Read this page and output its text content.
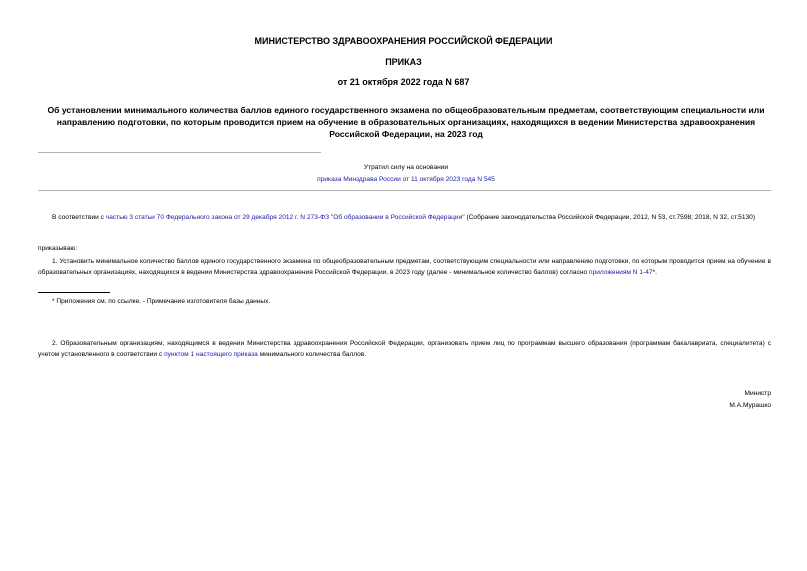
МИНИСТЕРСТВО ЗДРАВООХРАНЕНИЯ РОССИЙСКОЙ ФЕДЕРАЦИИ
ПРИКАЗ
от 21 октября 2022 года N 687
Об установлении минимального количества баллов единого государственного экзамена по общеобразовательным предметам, соответствующим специальности или направлению подготовки, по которым проводится прием на обучение в образовательных организациях, находящихся в ведении Министерства здравоохранения Российской Федерации, на 2023 год
Утратил силу на основании
приказа Минздрава России от 11 октября 2023 года N 545
В соответствии с частью 3 статьи 70 Федерального закона от 29 декабря 2012 г. N 273-ФЗ "Об образовании в Российской Федерации" (Собрание законодательства Российской Федерации, 2012, N 53, ст.7598; 2018, N 32, ст.5130)
приказываю:
1. Установить минимальное количество баллов единого государственного экзамена по общеобразовательным предметам, соответствующим специальности или направлению подготовки, по которым проводится прием на обучение в образовательных организациях, находящихся в ведении Министерства здравоохранения Российской Федерации, в 2023 году (далее - минимальное количество баллов) согласно приложениям N 1-47*.
* Приложения см. по ссылке. - Примечание изготовителя базы данных.
2. Образовательным организациям, находящимся в ведении Министерства здравоохранения Российской Федерации, организовать прием лиц по программам высшего образования (программам бакалавриата, специалитета) с учетом установленного в соответствии с пунктом 1 настоящего приказа минимального количества баллов.
Министр
М.А.Мурашко
